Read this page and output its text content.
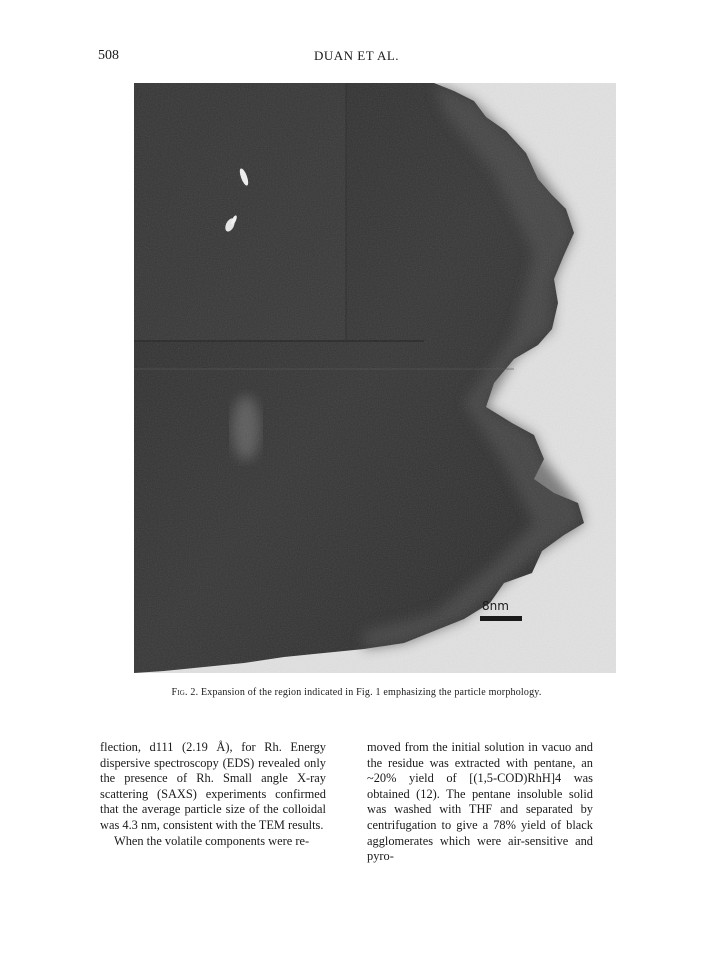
508	DUAN ET AL.
8nm
Fig. 2. Expansion of the region indicated in Fig. 1 emphasizing the particle morphology.

flection, d111 (2.19 Å), for Rh. Energy dispersive spectroscopy (EDS) revealed only the presence of Rh. Small angle X-ray scattering (SAXS) experiments confirmed that the average particle size of the colloidal was 4.3 nm, consistent with the TEM results.

When the volatile components were re-

moved from the initial solution in vacuo and the residue was extracted with pentane, an ~20% yield of [(1,5-COD)RhH]4 was obtained (12). The pentane insoluble solid was washed with THF and separated by centrifugation to give a 78% yield of black agglomerates which were air-sensitive and pyro-
